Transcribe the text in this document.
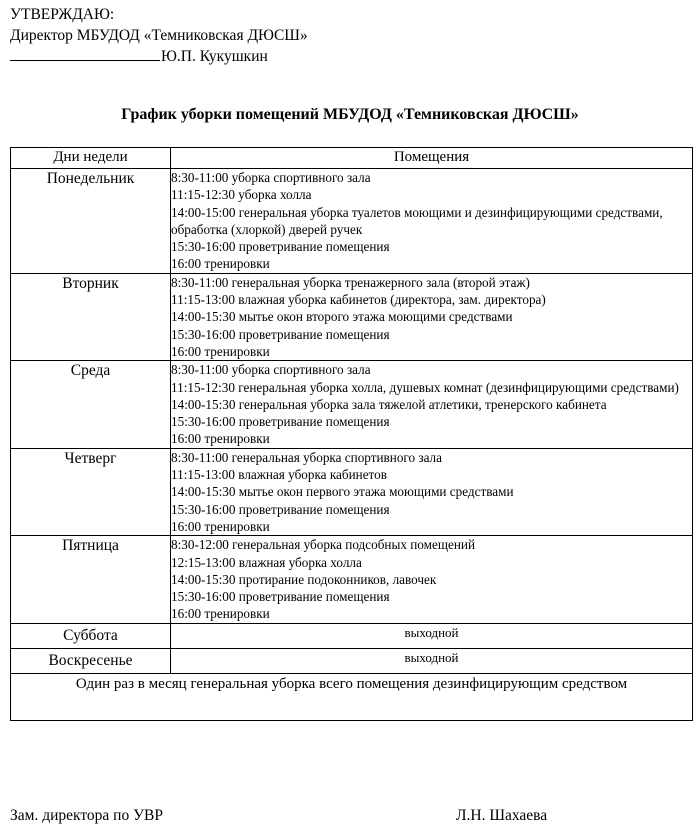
УТВЕРЖДАЮ:
Директор МБУДОД «Темниковская ДЮСШ»
Ю.П. Кукушкин
График уборки помещений МБУДОД «Темниковская ДЮСШ»
Дни недели	Помещения
Понедельник	8:30-11:00 уборка спортивного зала
11:15-12:30 уборка холла
14:00-15:00 генеральная уборка туалетов моющими и дезинфицирующими средствами, обработка (хлоркой) дверей ручек
15:30-16:00 проветривание помещения
16:00 тренировки

Вторник	8:30-11:00 генеральная уборка тренажерного зала (второй этаж)
11:15-13:00 влажная уборка кабинетов (директора, зам. директора)
14:00-15:30 мытье окон второго этажа моющими средствами
15:30-16:00 проветривание помещения
16:00 тренировки

Среда	8:30-11:00 уборка спортивного зала
11:15-12:30 генеральная уборка холла, душевых комнат (дезинфицирующими средствами)
14:00-15:30 генеральная уборка зала тяжелой атлетики, тренерского кабинета
15:30-16:00 проветривание помещения
16:00 тренировки

Четверг	8:30-11:00 генеральная уборка спортивного зала
11:15-13:00 влажная уборка кабинетов
14:00-15:30 мытье окон первого этажа моющими средствами
15:30-16:00 проветривание помещения
16:00 тренировки

Пятница	8:30-12:00 генеральная уборка подсобных помещений
12:15-13:00 влажная уборка холла
14:00-15:30 протирание подоконников, лавочек
15:30-16:00 проветривание помещения
16:00 тренировки

Суббота	выходной
Воскресенье	выходной
Один раз в месяц генеральная уборка всего помещения дезинфицирующим средством	
Зам. директора по УВР	Л.Н. Шахаева
